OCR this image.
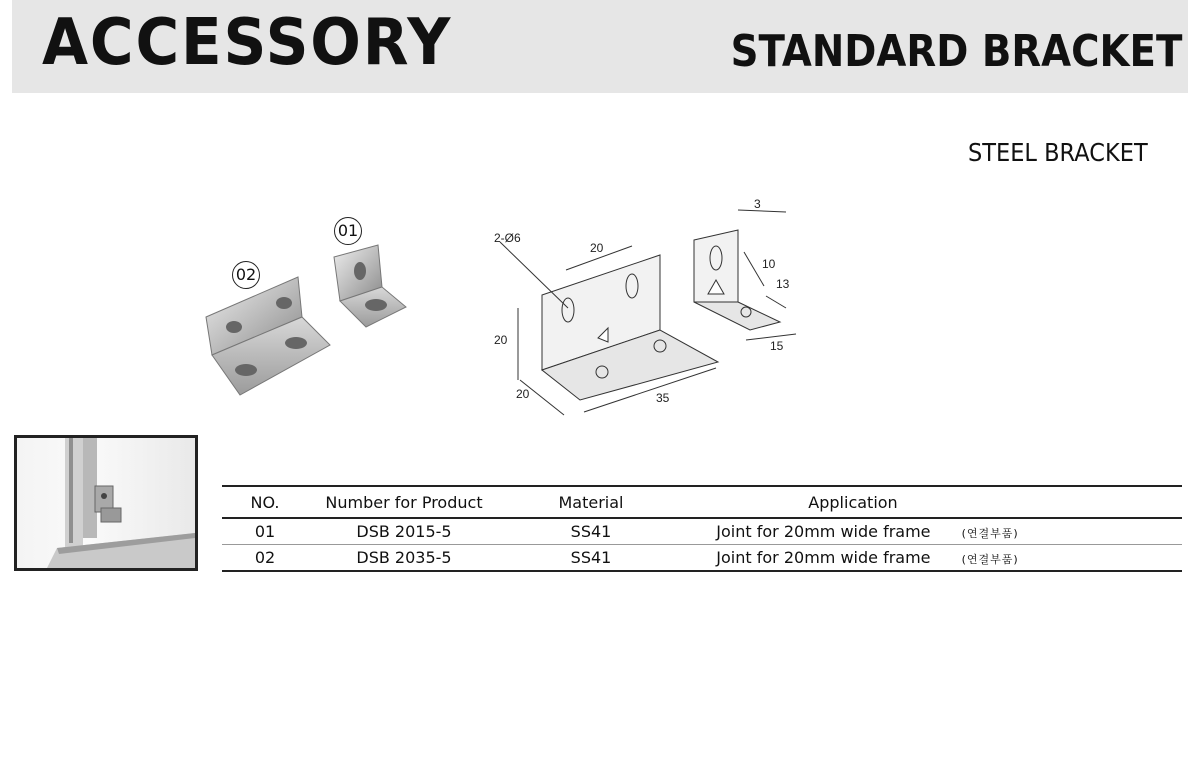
ACCESSORY	STANDARD BRACKET
STEEL BRACKET
01
02
2-Ø6
20
20
20	35
3
10
13
15
NO.	Number for Product	Material	Application	
01	DSB 2015-5	SS41	Joint for 20mm wide frame (연결부품)	
02	DSB 2035-5	SS41	Joint for 20mm wide frame (연결부품)	
